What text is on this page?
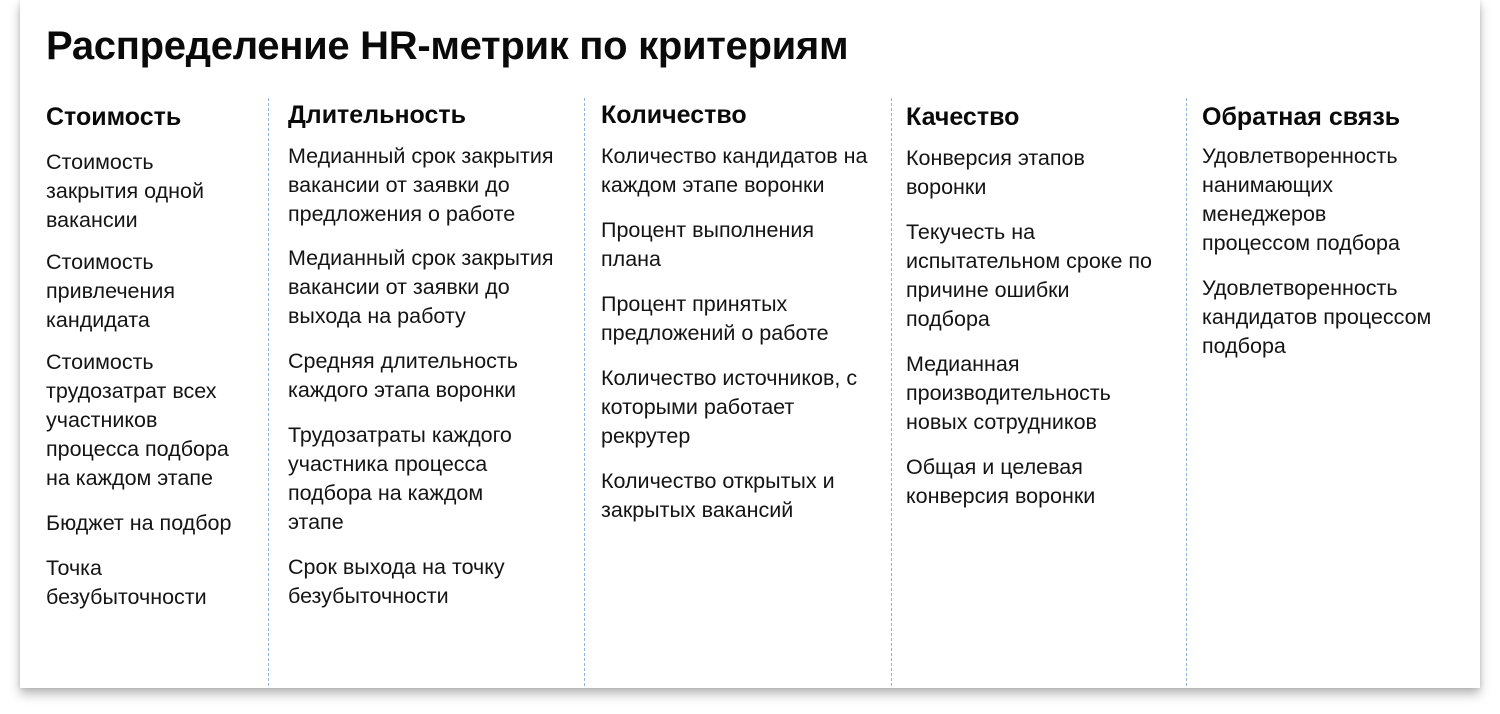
Распределение HR-метрик по критериям
Стоимость
Стоимость закрытия одной вакансии
Стоимость привлечения кандидата
Стоимость трудозатрат всех участников процесса подбора на каждом этапе
Бюджет на подбор
Точка безубыточности
Длительность
Медианный срок закрытия вакансии от заявки до предложения о работе
Медианный срок закрытия вакансии от заявки до выхода на работу
Средняя длительность каждого этапа воронки
Трудозатраты каждого участника процесса подбора на каждом этапе
Срок выхода на точку безубыточности
Количество
Количество кандидатов на каждом этапе воронки
Процент выполнения плана
Процент принятых предложений о работе
Количество источников, с которыми работает рекрутер
Количество открытых и закрытых вакансий
Качество
Конверсия этапов воронки
Текучесть на испытательном сроке по причине ошибки подбора
Медианная производительность новых сотрудников
Общая и целевая конверсия воронки
Обратная связь
Удовлетворенность нанимающих менеджеров процессом подбора
Удовлетворенность кандидатов процессом подбора
